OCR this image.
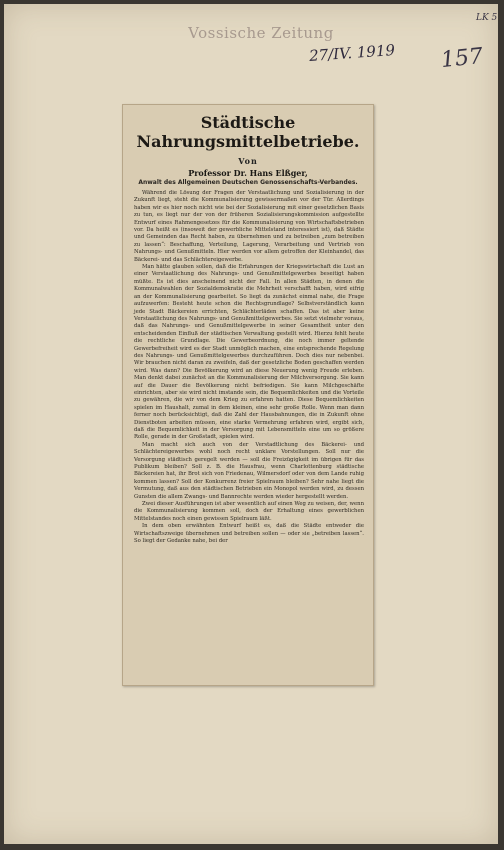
Vossische Zeitung
27/IV. 1919 157
LK 5
Städtische
Nahrungsmittelbetriebe.
Von
Professor Dr. Hans Elßger,
Anwalt des Allgemeinen Deutschen Genossenschafts-Verbandes.

Während die Lösung der Fragen der Verstaatlichung und Sozialisierung in der Zukunft liegt, steht die Kommunalisierung gewissermaßen vor der Tür. Allerdings haben wir es hier noch nicht wie bei der Sozialisierung mit einer gesetzlichen Basis zu tun, es liegt nur der von der früheren Sozialisierungskommission aufgestellte Entwurf eines Rahmengesetzes für die Kommunalisierung von Wirtschaftsbetrieben vor. Da heißt es (insoweit der gewerbliche Mittelstand interessiert ist), daß Städte und Gemeinden das Recht haben, zu übernehmen und zu betreiben „zum betreiben zu lassen“: Beschaffung, Verteilung, Lagerung, Verarbeitung und Vertrieb von Nahrungs- und Genußmitteln. Hier werden vor allem getroffen der Kleinhandel, das Bäckerei- und das Schlächtereigewerbe.

Man hätte glauben sollen, daß die Erfahrungen der Kriegswirtschaft die Lust an einer Verstaatlichung des Nahrungs- und Genußmittelgewerbes beseitigt haben müßte. Es ist dies anscheinend nicht der Fall. In allen Städten, in denen die Kommunalwahlen der Sozialdemokratie die Mehrheit verschafft haben, wird eifrig an der Kommunalisierung gearbeitet. So liegt da zunächst einmal nahe, die Frage aufzuwerfen: Besteht heute schon die Rechtsgrundlage? Selbstverständlich kann jede Stadt Bäckereien errichten, Schlächterläden schaffen. Das ist aber keine Verstaatlichung des Nahrungs- und Genußmittelgewerbes. Sie setzt vielmehr voraus, daß das Nahrungs- und Genußmittelgewerbe in seiner Gesamtheit unter den entscheidenden Einfluß der städtischen Verwaltung gestellt wird. Hierzu fehlt heute die rechtliche Grundlage. Die Gewerbeordnung, die noch immer geltende Gewerbefreiheit wird es der Stadt unmöglich machen, eine entsprechende Regelung des Nahrungs- und Genußmittelgewerbes durchzuführen. Doch dies nur nebenbei. Wir brauchen nicht daran zu zweifeln, daß der gesetzliche Boden geschaffen werden wird. Was dann? Die Bevölkerung wird an diese Neuerung wenig Freude erleben. Man denkt dabei zunächst an die Kommunalisierung der Milchversorgung. Sie kann auf die Dauer die Bevölkerung nicht befriedigen. Sie kann Milchgeschäfte einrichten, aber sie wird nicht imstande sein, die Bequemlichkeiten und die Vorteile zu gewähren, die wir von dem Krieg zu erfahren hatten. Diese Bequemlichkeiten spielen im Haushalt, zumal in dem kleinen, eine sehr große Rolle. Wenn man dann ferner noch berücksichtigt, daß die Zahl der Hausbahnungen, die in Zukunft ohne Dienstboten arbeiten müssen, eine starke Vermehrung erfahren wird, ergibt sich, daß die Bequemlichkeit in der Versorgung mit Lebensmitteln eine um so größere Rolle, gerade in der Großstadt, spielen wird.

Man macht sich auch von der Verstadtlichung des Bäckerei- und Schlächtereigewerbes wohl noch recht unklare Vorstellungen. Soll nur die Versorgung städtisch geregelt werden — soll die Freizügigkeit im übrigen für das Publikum bleiben? Soll z. B. die Hausfrau, wenn Charlottenburg städtische Bäckereien hat, ihr Brot sich von Friedenau, Wilmersdorf oder von dem Lande ruhig kommen lassen? Soll der Konkurrenz freier Spielraum bleiben? Sehr nahe liegt die Vermutung, daß aus den städtischen Betrieben ein Monopol werden wird, zu dessen Gunsten die allem Zwangs- und Bannrechte werden wieder hergestellt werden.

Zwei dieser Ausführungen ist aber wesentlich auf einen Weg zu weisen, der, wenn die Kommunalisierung kommen soll, doch der Erhaltung eines gewerblichen Mittelstandes noch einen gewissen Spielraum läßt.

In dem oben erwähnten Entwurf heißt es, daß die Städte entweder die Wirtschaftszweige übernehmen und betreiben sollen — oder sie „betreiben lassen“. So liegt der Gedanke nahe, bei der
